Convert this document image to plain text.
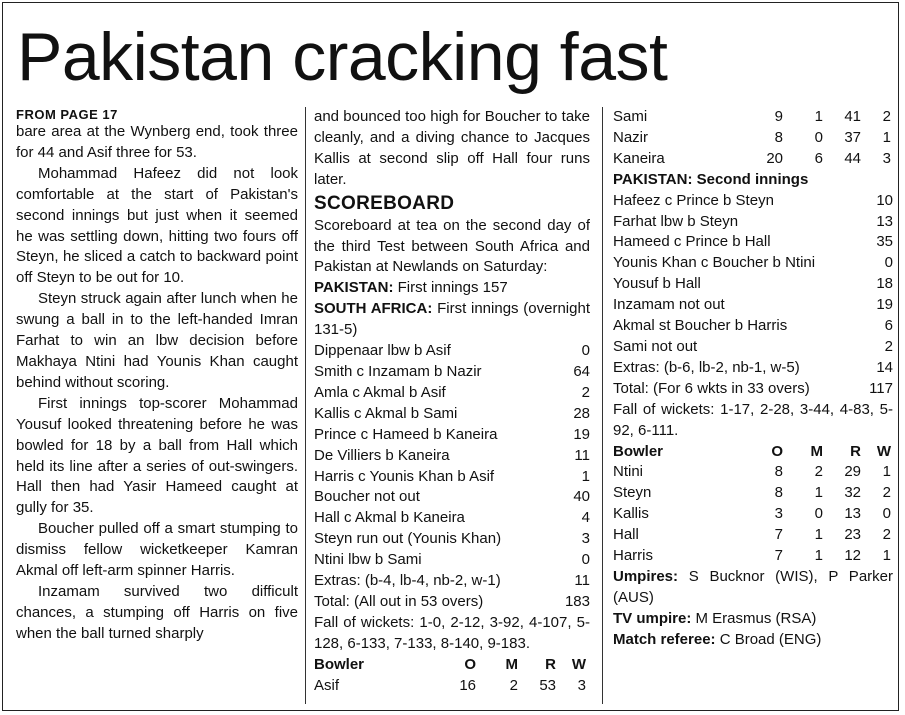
Pakistan cracking fast
FROM PAGE 17

bare area at the Wynberg end, took three for 44 and Asif three for 53.

Mohammad Hafeez did not look comfortable at the start of Pakistan's second innings but just when it seemed he was settling down, hitting two fours off Steyn, he sliced a catch to backward point off Steyn to be out for 10.

Steyn struck again after lunch when he swung a ball in to the left-handed Imran Farhat to win an lbw decision before Makhaya Ntini had Younis Khan caught behind without scoring.

First innings top-scorer Mohammad Yousuf looked threatening before he was bowled for 18 by a ball from Hall which held its line after a series of out-swingers. Hall then had Yasir Hameed caught at gully for 35.

Boucher pulled off a smart stumping to dismiss fellow wicketkeeper Kamran Akmal off left-arm spinner Harris.

Inzamam survived two difficult chances, a stumping off Harris on five when the ball turned sharply

and bounced too high for Boucher to take cleanly, and a diving chance to Jacques Kallis at second slip off Hall four runs later.

SCOREBOARD

Scoreboard at tea on the second day of the third Test between South Africa and Pakistan at Newlands on Saturday:

PAKISTAN: First innings 157
SOUTH AFRICA: First innings (overnight 131-5)
Dippenaar lbw b Asif	0
Smith c Inzamam b Nazir	64
Amla c Akmal b Asif	2
Kallis c Akmal b Sami	28
Prince c Hameed b Kaneira	19
De Villiers b Kaneira	11
Harris c Younis Khan b Asif	1
Boucher not out	40
Hall c Akmal b Kaneira	4
Steyn run out (Younis Khan)	3
Ntini lbw b Sami	0
Extras: (b-4, lb-4, nb-2, w-1)	11
Total: (All out in 53 overs)	183

Fall of wickets: 1-0, 2-12, 3-92, 4-107, 5-128, 6-133, 7-133, 8-140, 9-183.

Bowler	O	M	R	W
Asif	16	2	53	3
Sami	9	1	41	2
Nazir	8	0	37	1
Kaneira	20	6	44	3
PAKISTAN: Second innings
Hafeez c Prince b Steyn	10
Farhat lbw b Steyn	13
Hameed c Prince b Hall	35
Younis Khan c Boucher b Ntini	0
Yousuf b Hall	18
Inzamam not out	19
Akmal st Boucher b Harris	6
Sami not out	2
Extras: (b-6, lb-2, nb-1, w-5)	14
Total: (For 6 wkts in 33 overs)	117

Fall of wickets: 1-17, 2-28, 3-44, 4-83, 5-92, 6-111.

Bowler	O	M	R	W
Ntini	8	2	29	1
Steyn	8	1	32	2
Kallis	3	0	13	0
Hall	7	1	23	2
Harris	7	1	12	1

Umpires: S Bucknor (WIS), P Parker (AUS)

TV umpire: M Erasmus (RSA)

Match referee: C Broad (ENG)
